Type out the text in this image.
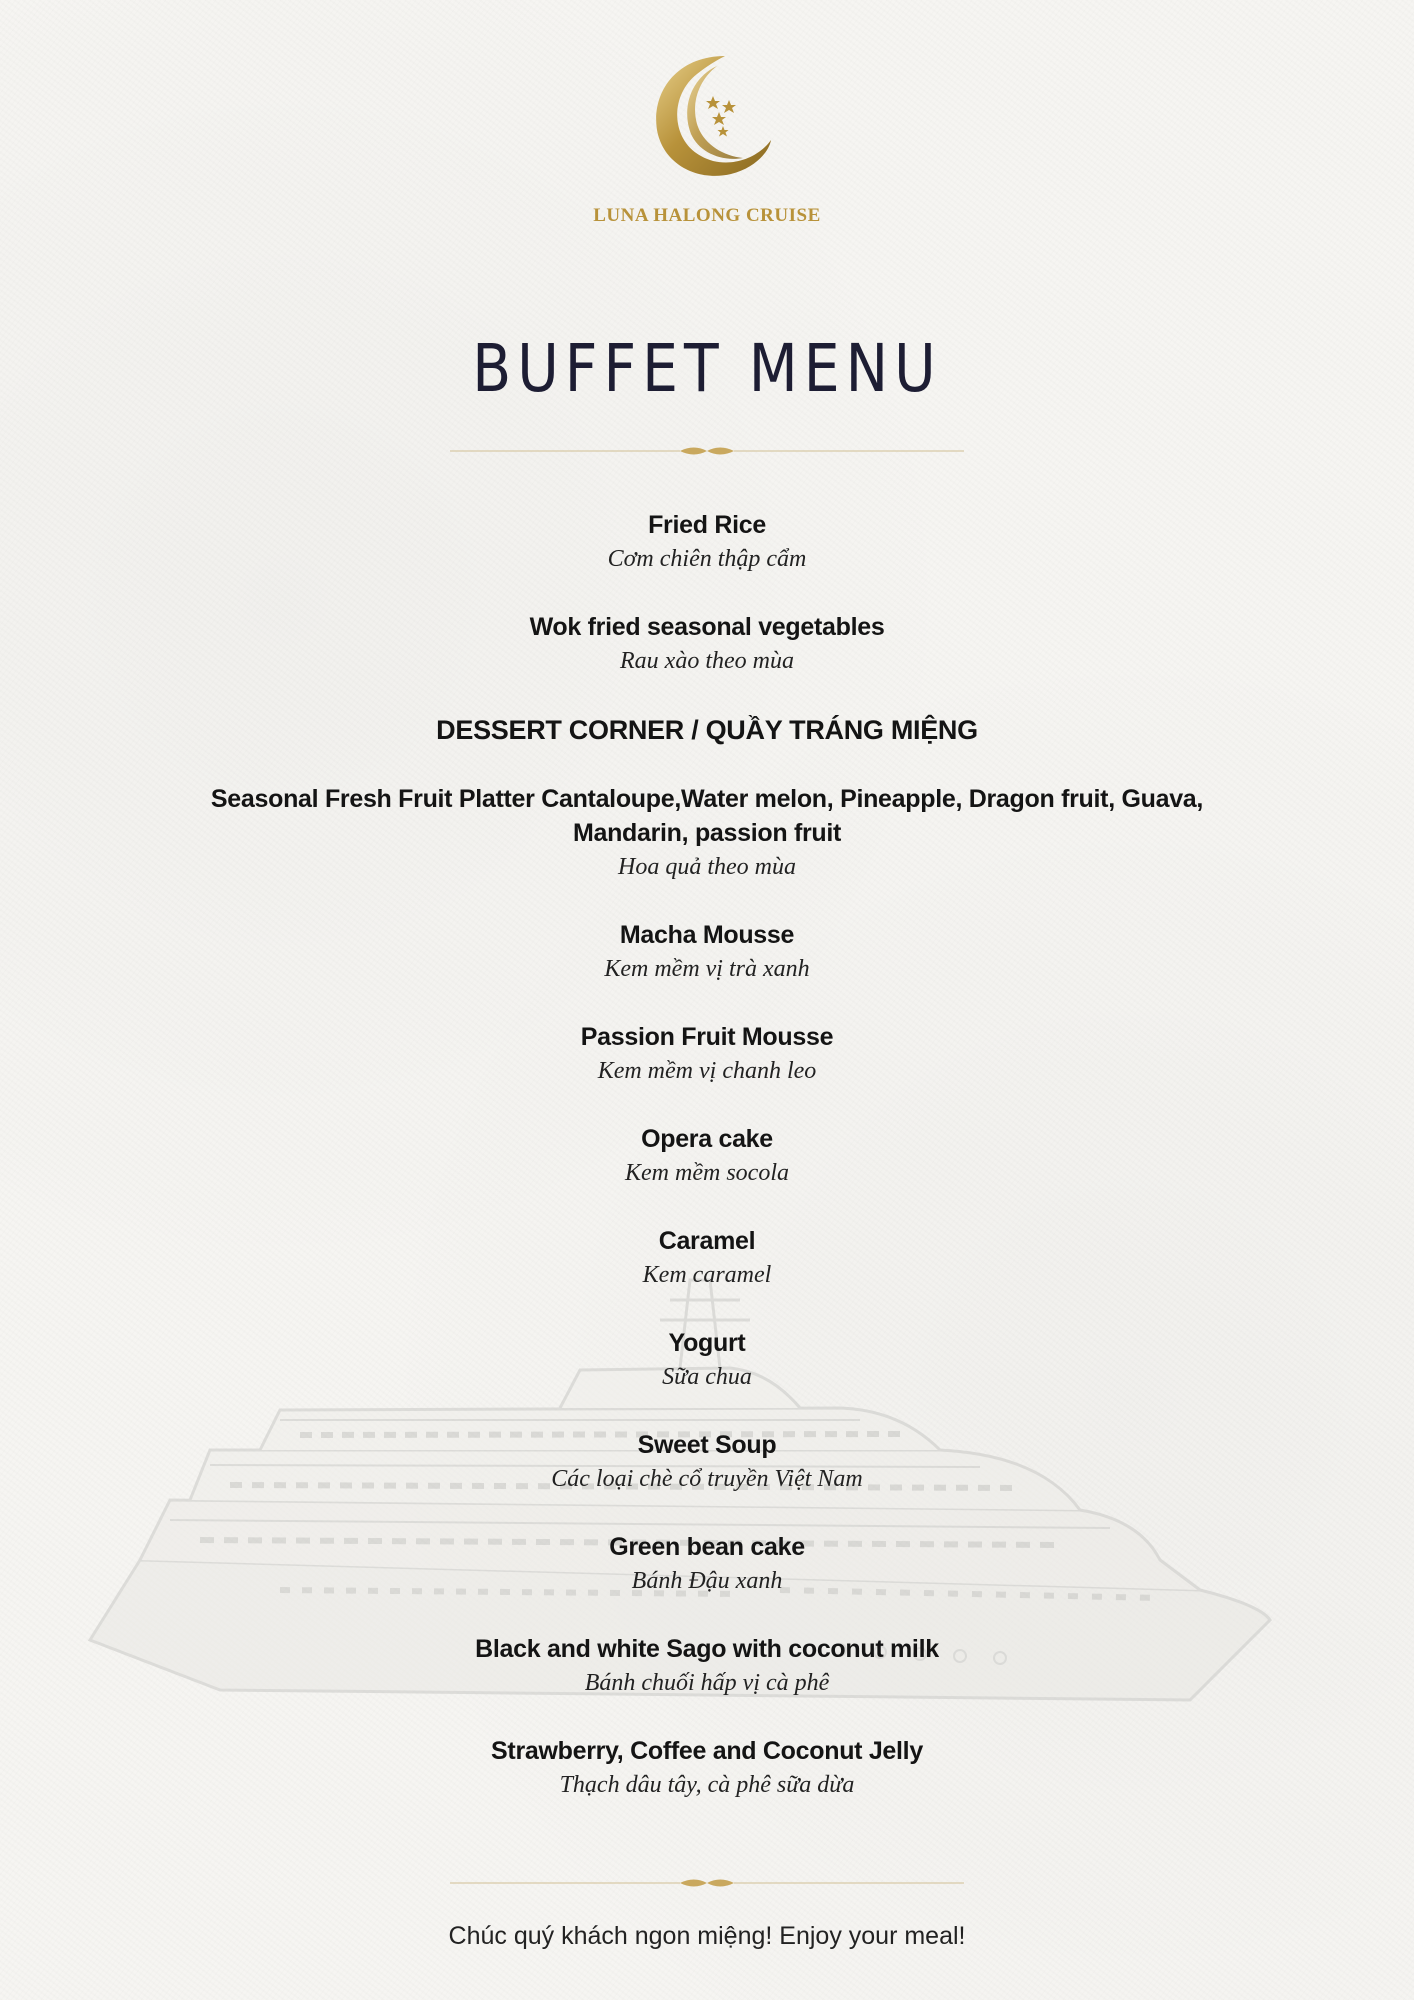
LUNA HALONG CRUISE
BUFFET MENU
Fried Rice
Cơm chiên thập cẩm
Wok fried seasonal vegetables
Rau xào theo mùa
DESSERT CORNER / QUẦY TRÁNG MIỆNG
Seasonal Fresh Fruit Platter Cantaloupe,Water melon, Pineapple, Dragon fruit, Guava, Mandarin, passion fruit
Hoa quả theo mùa
Macha Mousse
Kem mềm vị trà xanh
Passion Fruit Mousse
Kem mềm vị chanh leo
Opera cake
Kem mềm socola
Caramel
Kem caramel
Yogurt
Sữa chua
Sweet Soup
Các loại chè cổ truyền Việt Nam
Green bean cake
Bánh Đậu xanh
Black and white Sago with coconut milk
Bánh chuối hấp vị cà phê
Strawberry, Coffee and Coconut Jelly
Thạch dâu tây, cà phê sữa dừa
Chúc quý khách ngon miệng! Enjoy your meal!
